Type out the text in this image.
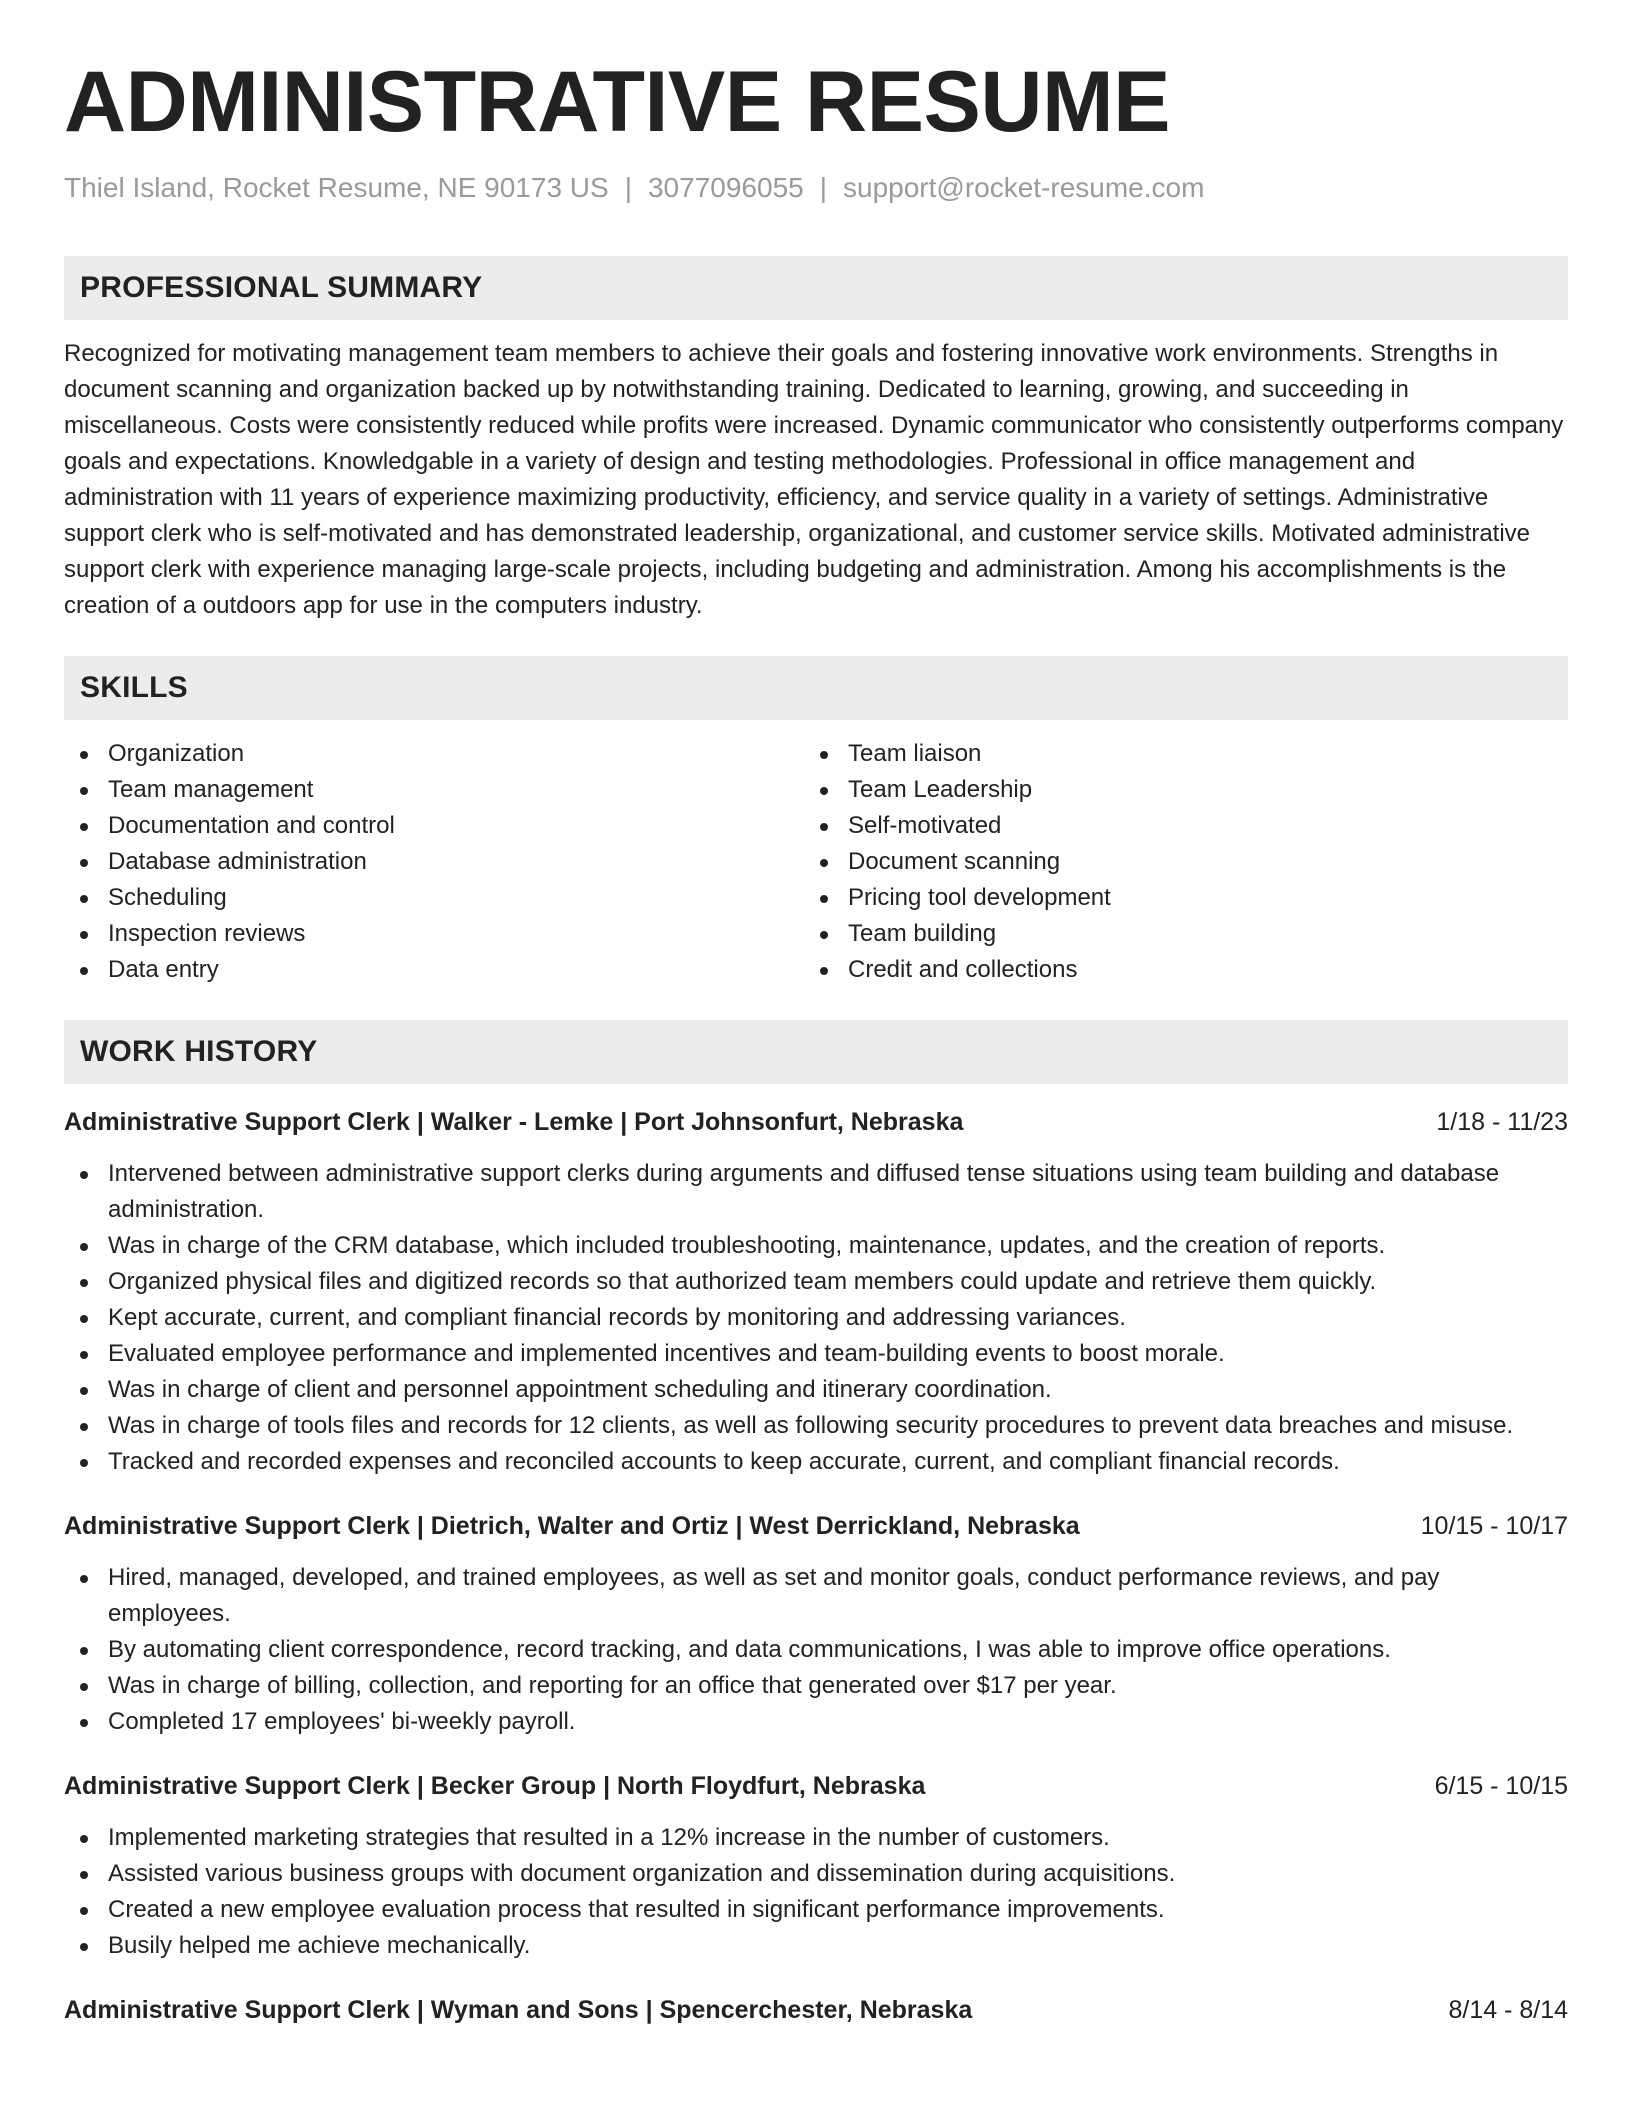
ADMINISTRATIVE RESUME
Thiel Island, Rocket Resume, NE 90173 US | 3077096055 | support@rocket-resume.com
PROFESSIONAL SUMMARY

Recognized for motivating management team members to achieve their goals and fostering innovative work environments. Strengths in document scanning and organization backed up by notwithstanding training. Dedicated to learning, growing, and succeeding in miscellaneous. Costs were consistently reduced while profits were increased. Dynamic communicator who consistently outperforms company goals and expectations. Knowledgable in a variety of design and testing methodologies. Professional in office management and administration with 11 years of experience maximizing productivity, efficiency, and service quality in a variety of settings. Administrative support clerk who is self-motivated and has demonstrated leadership, organizational, and customer service skills. Motivated administrative support clerk with experience managing large-scale projects, including budgeting and administration. Among his accomplishments is the creation of a outdoors app for use in the computers industry.

SKILLS
Organization
Team management
Documentation and control
Database administration
Scheduling
Inspection reviews
Data entry
Team liaison
Team Leadership
Self-motivated
Document scanning
Pricing tool development
Team building
Credit and collections
WORK HISTORY
Administrative Support Clerk | Walker - Lemke | Port Johnsonfurt, Nebraska	1/18 - 11/23
Intervened between administrative support clerks during arguments and diffused tense situations using team building and database administration.
Was in charge of the CRM database, which included troubleshooting, maintenance, updates, and the creation of reports.
Organized physical files and digitized records so that authorized team members could update and retrieve them quickly.
Kept accurate, current, and compliant financial records by monitoring and addressing variances.
Evaluated employee performance and implemented incentives and team-building events to boost morale.
Was in charge of client and personnel appointment scheduling and itinerary coordination.
Was in charge of tools files and records for 12 clients, as well as following security procedures to prevent data breaches and misuse.
Tracked and recorded expenses and reconciled accounts to keep accurate, current, and compliant financial records.
Administrative Support Clerk | Dietrich, Walter and Ortiz | West Derrickland, Nebraska	10/15 - 10/17
Hired, managed, developed, and trained employees, as well as set and monitor goals, conduct performance reviews, and pay employees.
By automating client correspondence, record tracking, and data communications, I was able to improve office operations.
Was in charge of billing, collection, and reporting for an office that generated over $17 per year.
Completed 17 employees' bi-weekly payroll.
Administrative Support Clerk | Becker Group | North Floydfurt, Nebraska	6/15 - 10/15
Implemented marketing strategies that resulted in a 12% increase in the number of customers.
Assisted various business groups with document organization and dissemination during acquisitions.
Created a new employee evaluation process that resulted in significant performance improvements.
Busily helped me achieve mechanically.
Administrative Support Clerk | Wyman and Sons | Spencerchester, Nebraska	8/14 - 8/14
